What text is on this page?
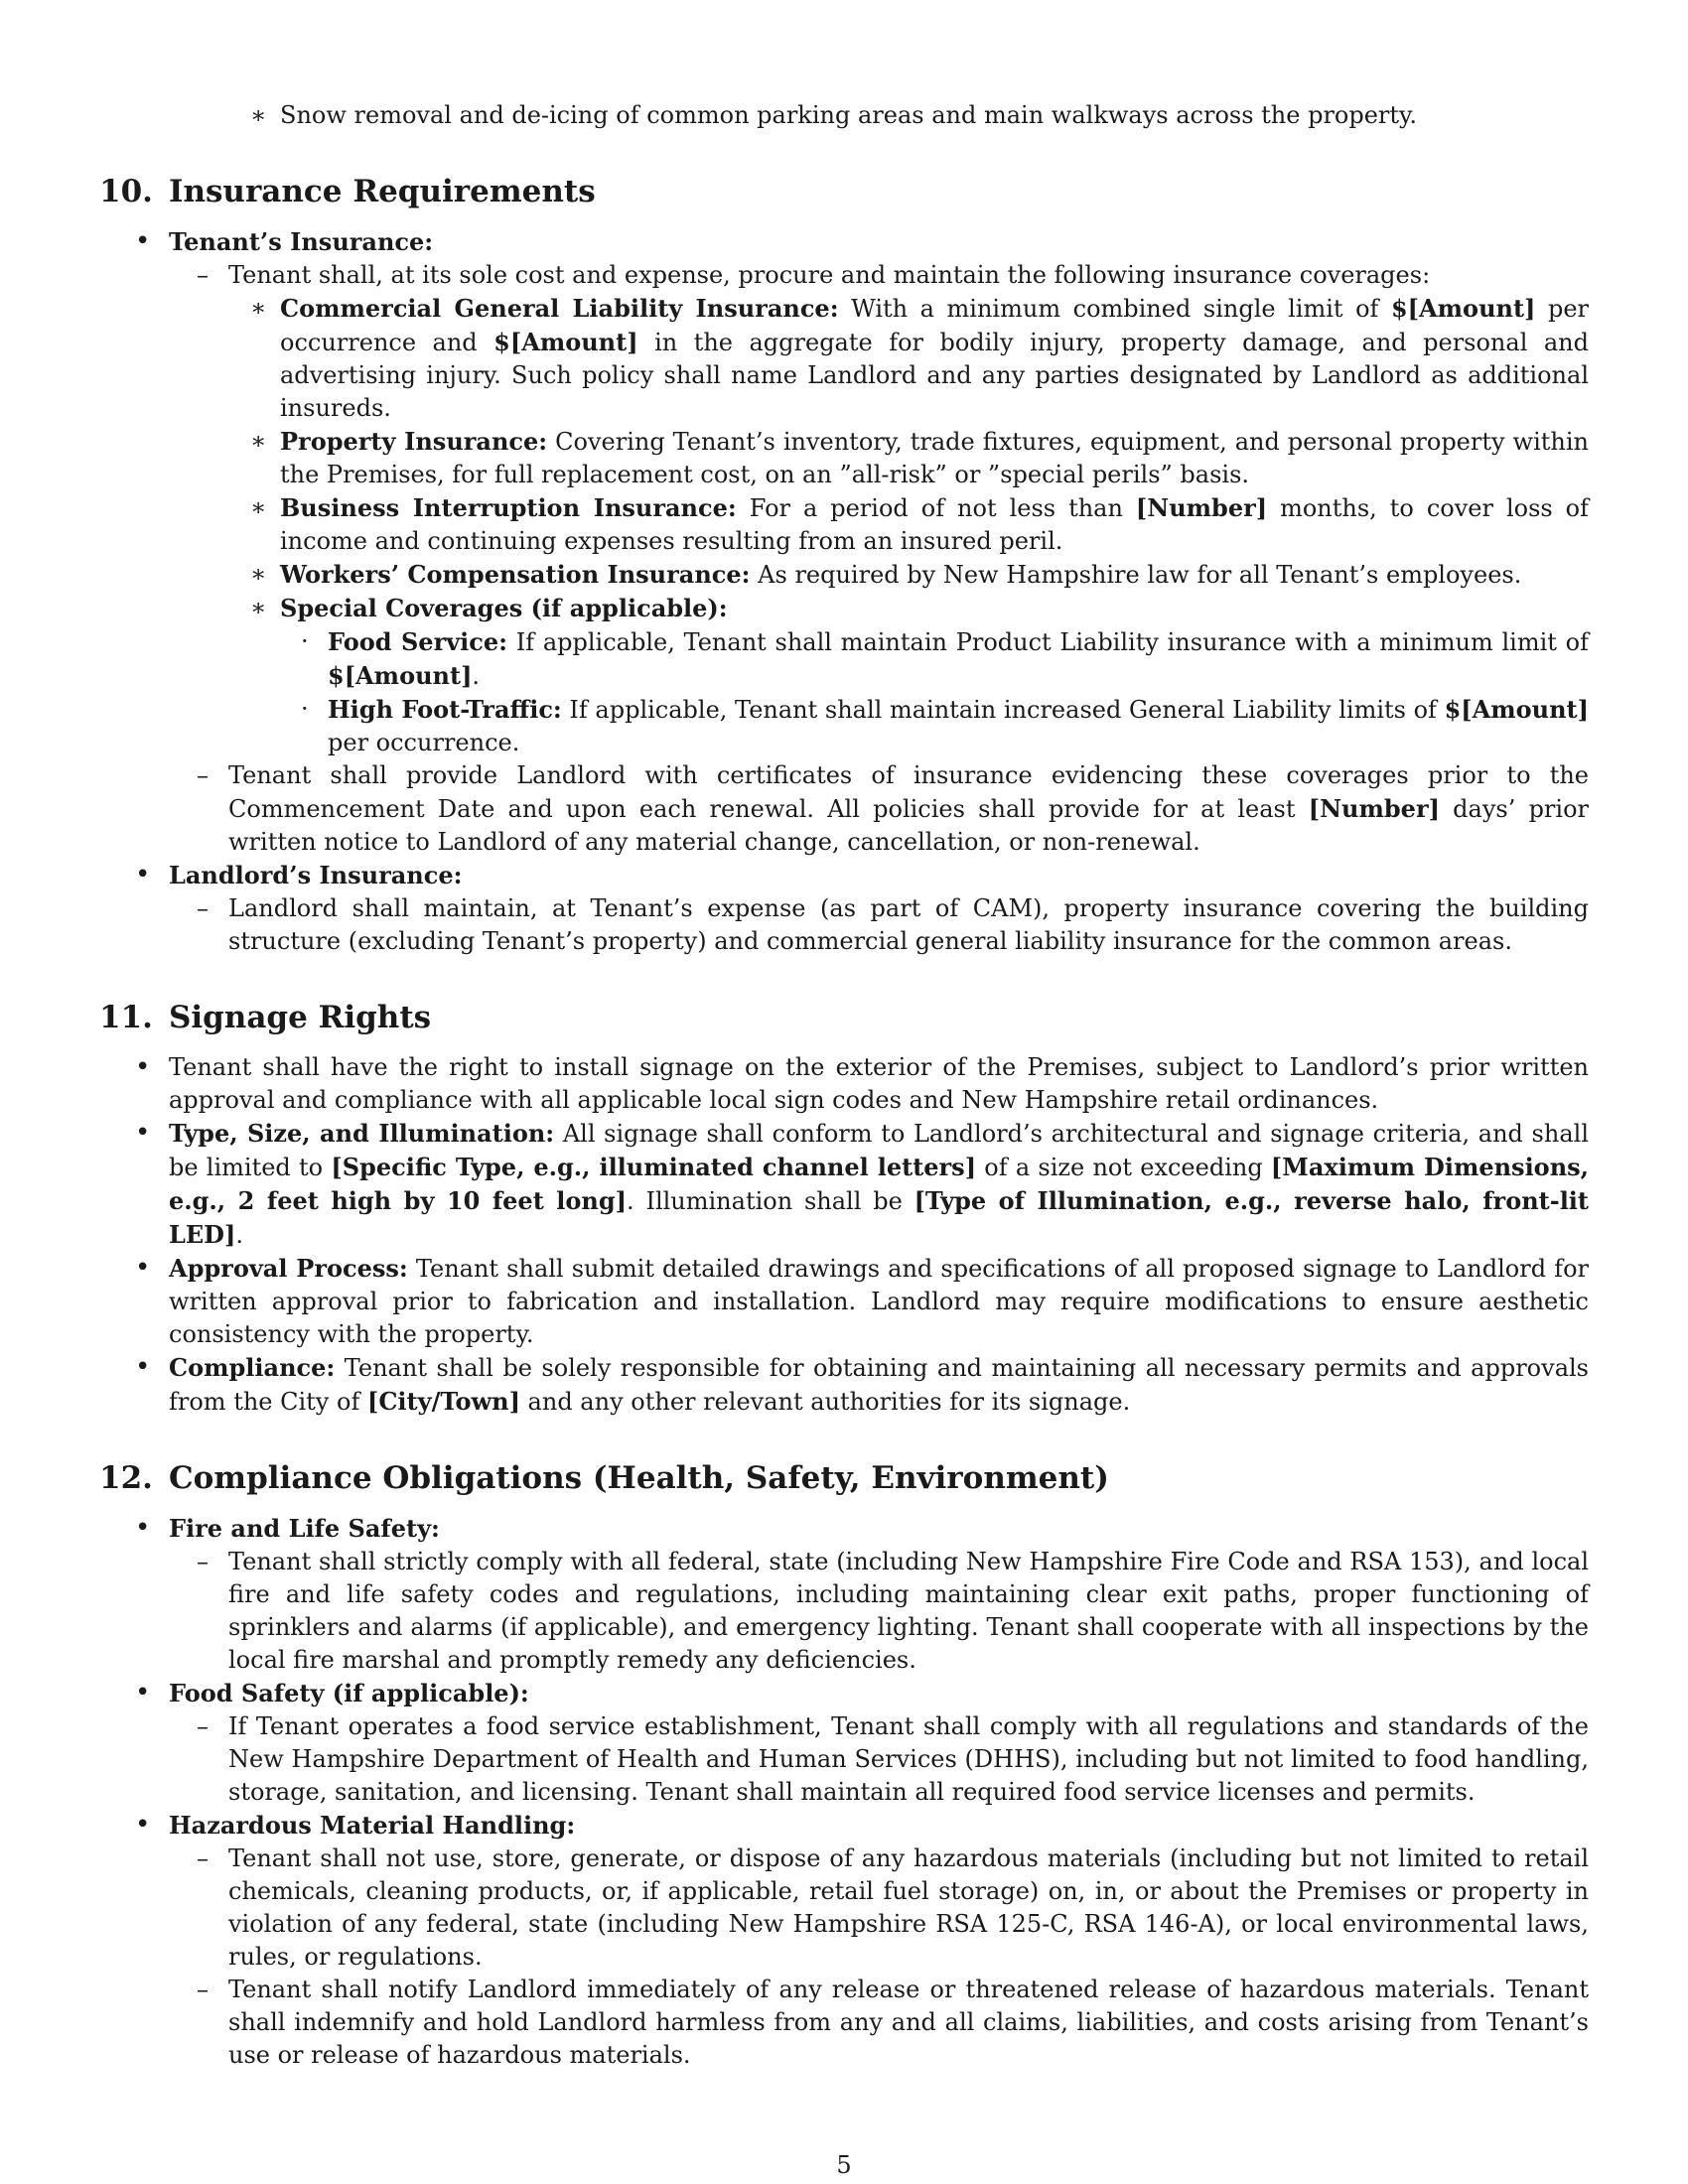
∗ Snow removal and de-icing of common parking areas and main walkways across the property.
10. Insurance Requirements
• Tenant’s Insurance:
– Tenant shall, at its sole cost and expense, procure and maintain the following insurance coverages:
∗ Commercial General Liability Insurance: With a minimum combined single limit of $[Amount] per occurrence and $[Amount] in the aggregate for bodily injury, property damage, and personal and advertising injury. Such policy shall name Landlord and any parties designated by Landlord as additional insureds.
∗ Property Insurance: Covering Tenant’s inventory, trade fixtures, equipment, and personal property within the Premises, for full replacement cost, on an ”all-risk” or ”special perils” basis.
∗ Business Interruption Insurance: For a period of not less than [Number] months, to cover loss of income and continuing expenses resulting from an insured peril.
∗ Workers’ Compensation Insurance: As required by New Hampshire law for all Tenant’s employees.
∗ Special Coverages (if applicable):
· Food Service: If applicable, Tenant shall maintain Product Liability insurance with a minimum limit of $[Amount].
· High Foot-Traffic: If applicable, Tenant shall maintain increased General Liability limits of $[Amount] per occurrence.
– Tenant shall provide Landlord with certificates of insurance evidencing these coverages prior to the Commencement Date and upon each renewal. All policies shall provide for at least [Number] days’ prior written notice to Landlord of any material change, cancellation, or non-renewal.
• Landlord’s Insurance:
– Landlord shall maintain, at Tenant’s expense (as part of CAM), property insurance covering the building structure (excluding Tenant’s property) and commercial general liability insurance for the common areas.
11. Signage Rights
• Tenant shall have the right to install signage on the exterior of the Premises, subject to Landlord’s prior written approval and compliance with all applicable local sign codes and New Hampshire retail ordinances.
• Type, Size, and Illumination: All signage shall conform to Landlord’s architectural and signage criteria, and shall be limited to [Specific Type, e.g., illuminated channel letters] of a size not exceeding [Maximum Dimensions, e.g., 2 feet high by 10 feet long]. Illumination shall be [Type of Illumination, e.g., reverse halo, front-lit LED].
• Approval Process: Tenant shall submit detailed drawings and specifications of all proposed signage to Landlord for written approval prior to fabrication and installation. Landlord may require modifications to ensure aesthetic consistency with the property.
• Compliance: Tenant shall be solely responsible for obtaining and maintaining all necessary permits and approvals from the City of [City/Town] and any other relevant authorities for its signage.
12. Compliance Obligations (Health, Safety, Environment)
• Fire and Life Safety:
– Tenant shall strictly comply with all federal, state (including New Hampshire Fire Code and RSA 153), and local fire and life safety codes and regulations, including maintaining clear exit paths, proper functioning of sprinklers and alarms (if applicable), and emergency lighting. Tenant shall cooperate with all inspections by the local fire marshal and promptly remedy any deficiencies.
• Food Safety (if applicable):
– If Tenant operates a food service establishment, Tenant shall comply with all regulations and standards of the New Hampshire Department of Health and Human Services (DHHS), including but not limited to food handling, storage, sanitation, and licensing. Tenant shall maintain all required food service licenses and permits.
• Hazardous Material Handling:
– Tenant shall not use, store, generate, or dispose of any hazardous materials (including but not limited to retail chemicals, cleaning products, or, if applicable, retail fuel storage) on, in, or about the Premises or property in violation of any federal, state (including New Hampshire RSA 125-C, RSA 146-A), or local environmental laws, rules, or regulations.
– Tenant shall notify Landlord immediately of any release or threatened release of hazardous materials. Tenant shall indemnify and hold Landlord harmless from any and all claims, liabilities, and costs arising from Tenant’s use or release of hazardous materials.
5
